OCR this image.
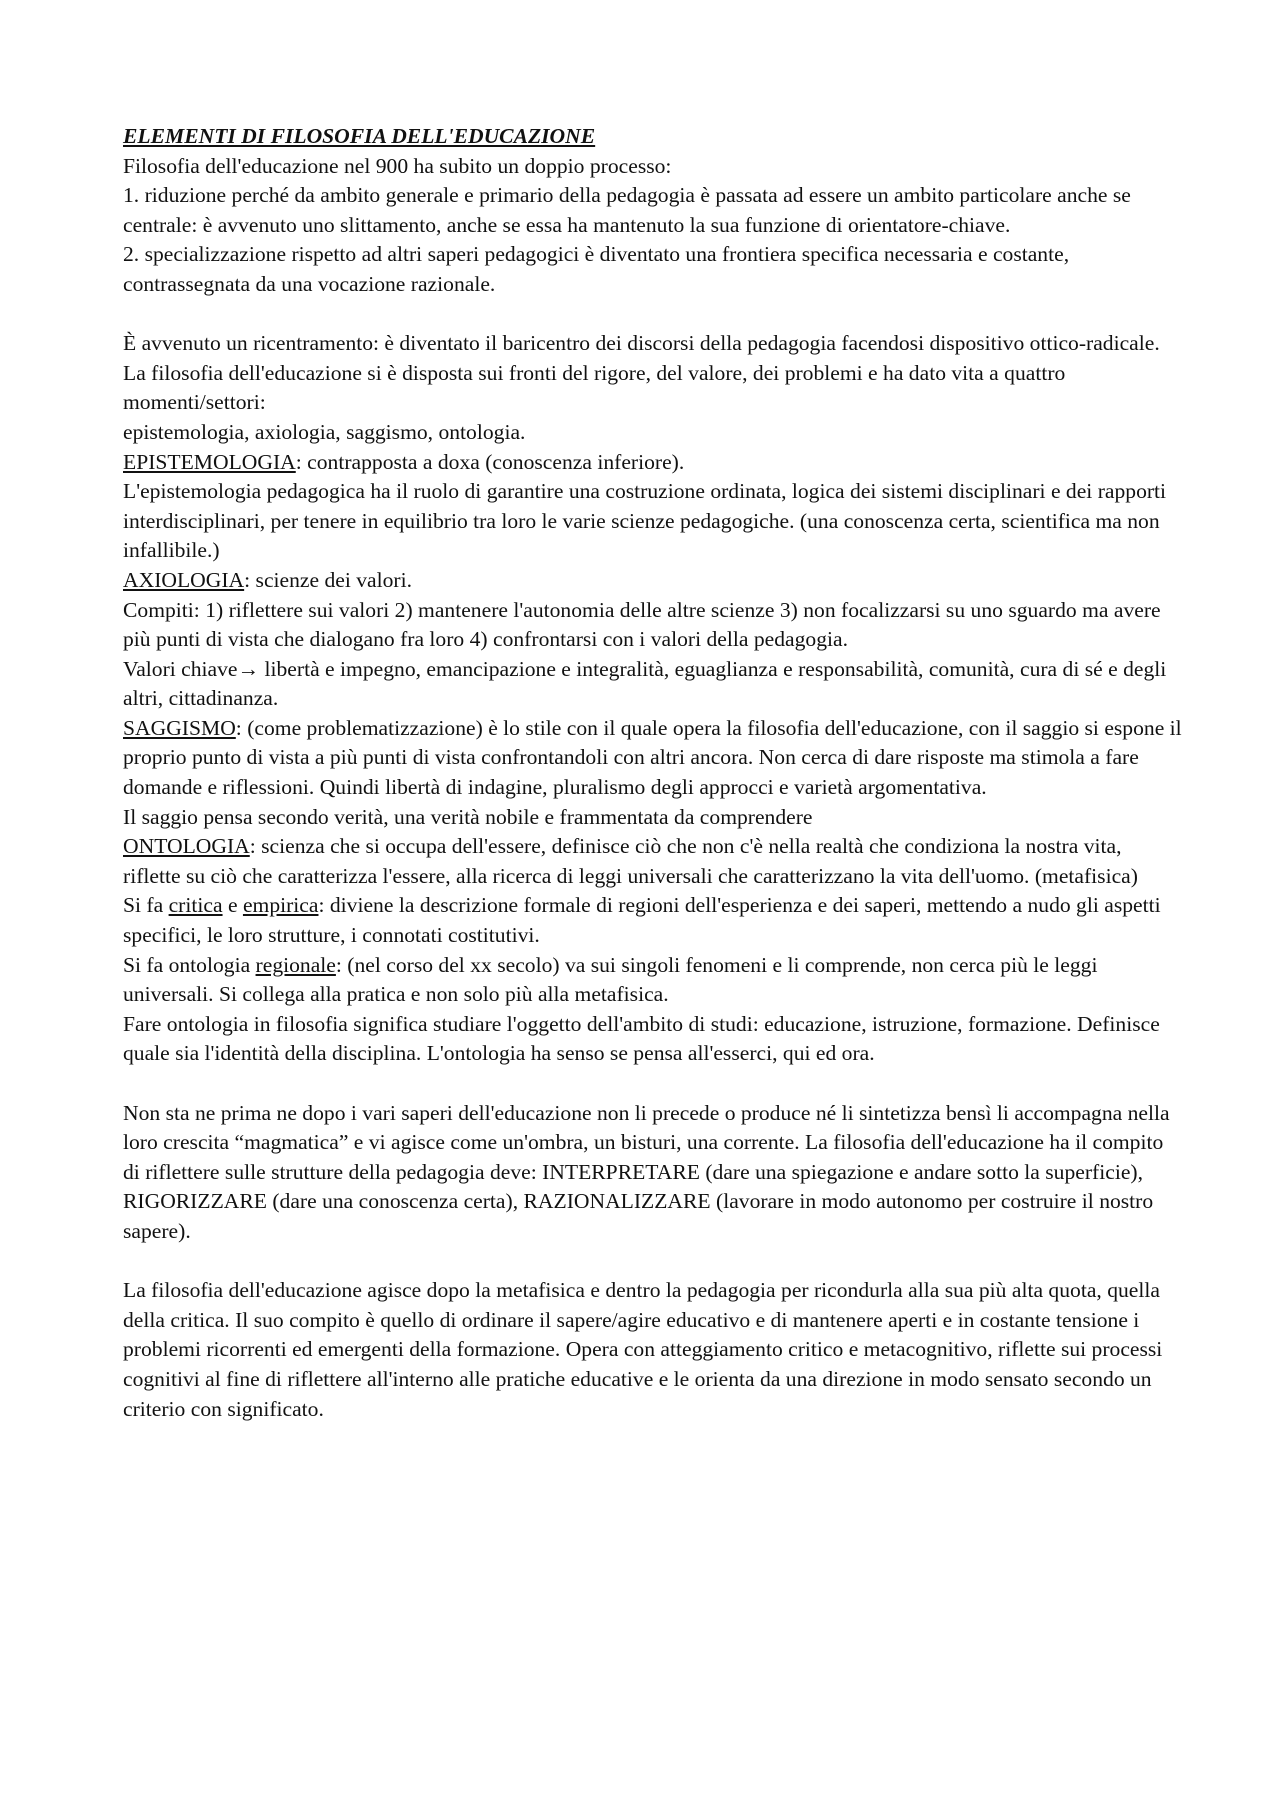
ELEMENTI DI FILOSOFIA DELL'EDUCAZIONE

Filosofia dell'educazione nel 900 ha subito un doppio processo:

1. riduzione perché da ambito generale e primario della pedagogia è passata ad essere un ambito particolare anche se centrale: è avvenuto uno slittamento, anche se essa ha mantenuto la sua funzione di orientatore-chiave.

2. specializzazione rispetto ad altri saperi pedagogici è diventato una frontiera specifica necessaria e costante, contrassegnata da una vocazione razionale.

È avvenuto un ricentramento: è diventato il baricentro dei discorsi della pedagogia facendosi dispositivo ottico-radicale. La filosofia dell'educazione si è disposta sui fronti del rigore, del valore, dei problemi e ha dato vita a quattro momenti/settori:

epistemologia, axiologia, saggismo, ontologia.

EPISTEMOLOGIA: contrapposta a doxa (conoscenza inferiore).

L'epistemologia pedagogica ha il ruolo di garantire una costruzione ordinata, logica dei sistemi disciplinari e dei rapporti interdisciplinari, per tenere in equilibrio tra loro le varie scienze pedagogiche. (una conoscenza certa, scientifica ma non infallibile.)

AXIOLOGIA: scienze dei valori.

Compiti: 1) riflettere sui valori 2) mantenere l'autonomia delle altre scienze 3) non focalizzarsi su uno sguardo ma avere più punti di vista che dialogano fra loro 4) confrontarsi con i valori della pedagogia.

Valori chiave→ libertà e impegno, emancipazione e integralità, eguaglianza e responsabilità, comunità, cura di sé e degli altri, cittadinanza.

SAGGISMO: (come problematizzazione) è lo stile con il quale opera la filosofia dell'educazione, con il saggio si espone il proprio punto di vista a più punti di vista confrontandoli con altri ancora. Non cerca di dare risposte ma stimola a fare domande e riflessioni. Quindi libertà di indagine, pluralismo degli approcci e varietà argomentativa.

Il saggio pensa secondo verità, una verità nobile e frammentata da comprendere

ONTOLOGIA: scienza che si occupa dell'essere, definisce ciò che non c'è nella realtà che condiziona la nostra vita, riflette su ciò che caratterizza l'essere, alla ricerca di leggi universali che caratterizzano la vita dell'uomo. (metafisica)

Si fa critica e empirica: diviene la descrizione formale di regioni dell'esperienza e dei saperi, mettendo a nudo gli aspetti specifici, le loro strutture, i connotati costitutivi.

Si fa ontologia regionale: (nel corso del xx secolo) va sui singoli fenomeni e li comprende, non cerca più le leggi universali. Si collega alla pratica e non solo più alla metafisica.

Fare ontologia in filosofia significa studiare l'oggetto dell'ambito di studi: educazione, istruzione, formazione. Definisce quale sia l'identità della disciplina. L'ontologia ha senso se pensa all'esserci, qui ed ora.

Non sta ne prima ne dopo i vari saperi dell'educazione non li precede o produce né li sintetizza bensì li accompagna nella loro crescita “magmatica” e vi agisce come un'ombra, un bisturi, una corrente. La filosofia dell'educazione ha il compito di riflettere sulle strutture della pedagogia deve: INTERPRETARE (dare una spiegazione e andare sotto la superficie), RIGORIZZARE (dare una conoscenza certa), RAZIONALIZZARE (lavorare in modo autonomo per costruire il nostro sapere).

La filosofia dell'educazione agisce dopo la metafisica e dentro la pedagogia per ricondurla alla sua più alta quota, quella della critica. Il suo compito è quello di ordinare il sapere/agire educativo e di mantenere aperti e in costante tensione i problemi ricorrenti ed emergenti della formazione. Opera con atteggiamento critico e metacognitivo, riflette sui processi cognitivi al fine di riflettere all'interno alle pratiche educative e le orienta da una direzione in modo sensato secondo un criterio con significato.
